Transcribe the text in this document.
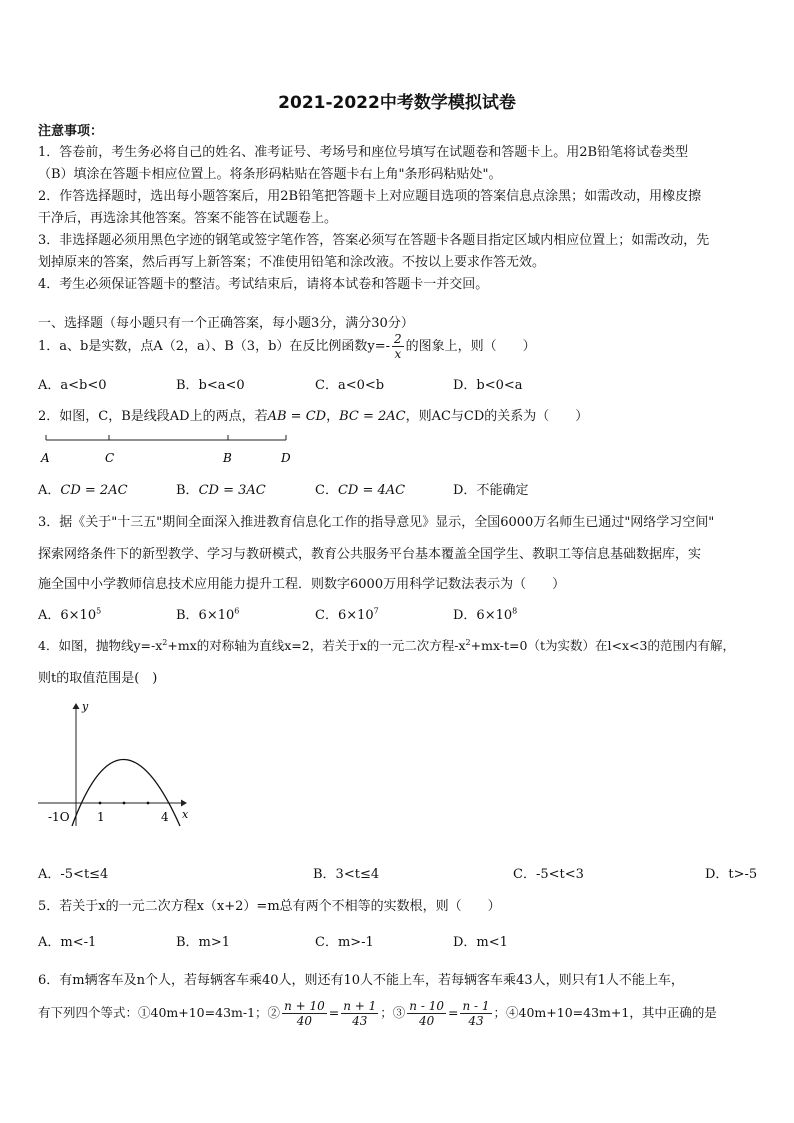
2021-2022中考数学模拟试卷
注意事项：
1．答卷前，考生务必将自己的姓名、准考证号、考场号和座位号填写在试题卷和答题卡上。用2B铅笔将试卷类型
（B）填涂在答题卡相应位置上。将条形码粘贴在答题卡右上角"条形码粘贴处"。
2．作答选择题时，选出每小题答案后，用2B铅笔把答题卡上对应题目选项的答案信息点涂黑；如需改动，用橡皮擦
干净后，再选涂其他答案。答案不能答在试题卷上。
3．非选择题必须用黑色字迹的钢笔或签字笔作答，答案必须写在答题卡各题目指定区域内相应位置上；如需改动，先
划掉原来的答案，然后再写上新答案；不准使用铅笔和涂改液。不按以上要求作答无效。
4．考生必须保证答题卡的整洁。考试结束后，请将本试卷和答题卡一并交回。
一、选择题（每小题只有一个正确答案，每小题3分，满分30分）
1．a、b是实数，点A（2，a）、B（3，b）在反比例函数$y=- \frac{2}{x}$ 的图象上，则（　　）
A．a<b<0	B．b<a<0	C．a<0<b	D．b<0<a
2．如图，C，B是线段AD上的两点，若AB = CD，BC = 2AC，则AC与CD的关系为（　　）
A	C	B	D
A．CD = 2AC	B．CD = 3AC	C．CD = 4AC	D．不能确定
3．据《关于"十三五"期间全面深入推进教育信息化工作的指导意见》显示，全国6000万名师生已通过"网络学习空间"
探索网络条件下的新型教学、学习与教研模式，教育公共服务平台基本覆盖全国学生、教职工等信息基础数据库，实
施全国中小学教师信息技术应用能力提升工程．则数字6000万用科学记数法表示为（　　）
A．$6\times 10^5$	B．$6\times 10^6$	C．$6\times 10^7$	D．$6\times 10^8$
4．如图，抛物线$y=-x^2+mx$的对称轴为直线x=2，若关于x的一元二次方程$-x^2+mx-t=0(t$为实数）在l<x<3的范围内有解，
则t的取值范围是(　)
y
x
-1O 1	4
A．-5<t≤4	B．3<t≤4	C．-5<t<3	D．t>-5
5．若关于x的一元二次方程x（x+2）=m总有两个不相等的实数根，则（　　）
A．m<-1	B．m>1	C．m>-1	D．m<1
6．有m辆客车及n个人，若每辆客车乘40人，则还有10人不能上车，若每辆客车乘43人，则只有1人不能上车，
有下列四个等式：①40m+10=43m-1；② $\frac{n + 10}{40} = \frac{n + 1}{43}$ ；③ $\frac{n - 10}{40} = \frac{n - 1}{43}$ ；④40m+10=43m+1，其中正确的是
